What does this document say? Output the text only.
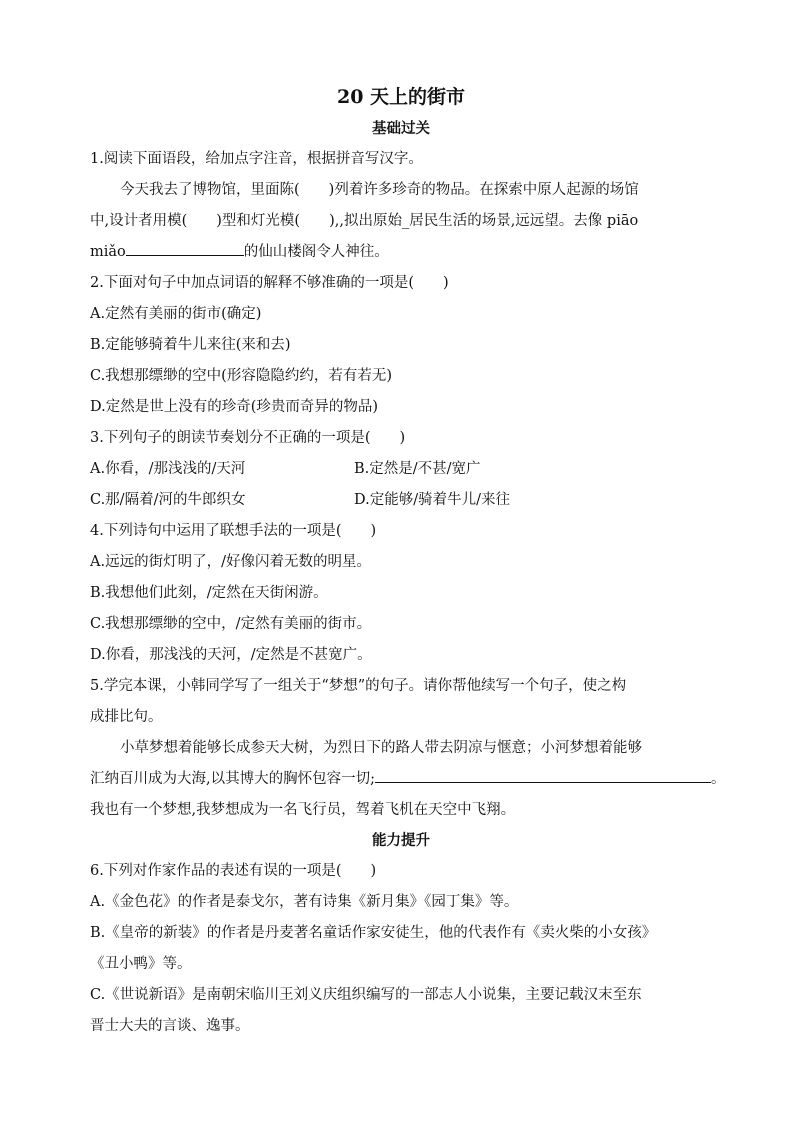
20 天上的街市
基础过关
1.阅读下面语段，给加点字注音，根据拼音写汉字。
今天我去了博物馆，里面陈(　　)列着许多珍奇的物品。在探索中原人起源的场馆
中,设计者用模(　　)型和灯光模(　　),,拟出原始_居民生活的场景,远远望。去像 piāo
miǎo	的仙山楼阁令人神往。
2.下面对句子中加点词语的解释不够准确的一项是(　　)
A.定然有美丽的街市(确定)
B.定能够骑着牛儿来往(来和去)
C.我想那缥缈的空中(形容隐隐约约，若有若无)
D.定然是世上没有的珍奇(珍贵而奇异的物品)
3.下列句子的朗读节奏划分不正确的一项是(　　)
A.你看，/那浅浅的/天河	B.定然是/不甚/宽广
C.那/隔着/河的牛郎织女	D.定能够/骑着牛儿/来往
4.下列诗句中运用了联想手法的一项是(　　)
A.远远的街灯明了，/好像闪着无数的明星。
B.我想他们此刻，/定然在天街闲游。
C.我想那缥缈的空中，/定然有美丽的街市。
D.你看，那浅浅的天河，/定然是不甚宽广。
5.学完本课，小韩同学写了一组关于“梦想”的句子。请你帮他续写一个句子，使之构
成排比句。
小草梦想着能够长成参天大树，为烈日下的路人带去阴凉与惬意；小河梦想着能够
汇纳百川成为大海,以其博大的胸怀包容一切;	。
我也有一个梦想,我梦想成为一名飞行员，驾着飞机在天空中飞翔。
能力提升
6.下列对作家作品的表述有误的一项是(　　)
A.《金色花》的作者是泰戈尔，著有诗集《新月集》《园丁集》等。
B.《皇帝的新装》的作者是丹麦著名童话作家安徒生，他的代表作有《卖火柴的小女孩》
《丑小鸭》等。
C.《世说新语》是南朝宋临川王刘义庆组织编写的一部志人小说集，主要记载汉末至东
晋士大夫的言谈、逸事。
